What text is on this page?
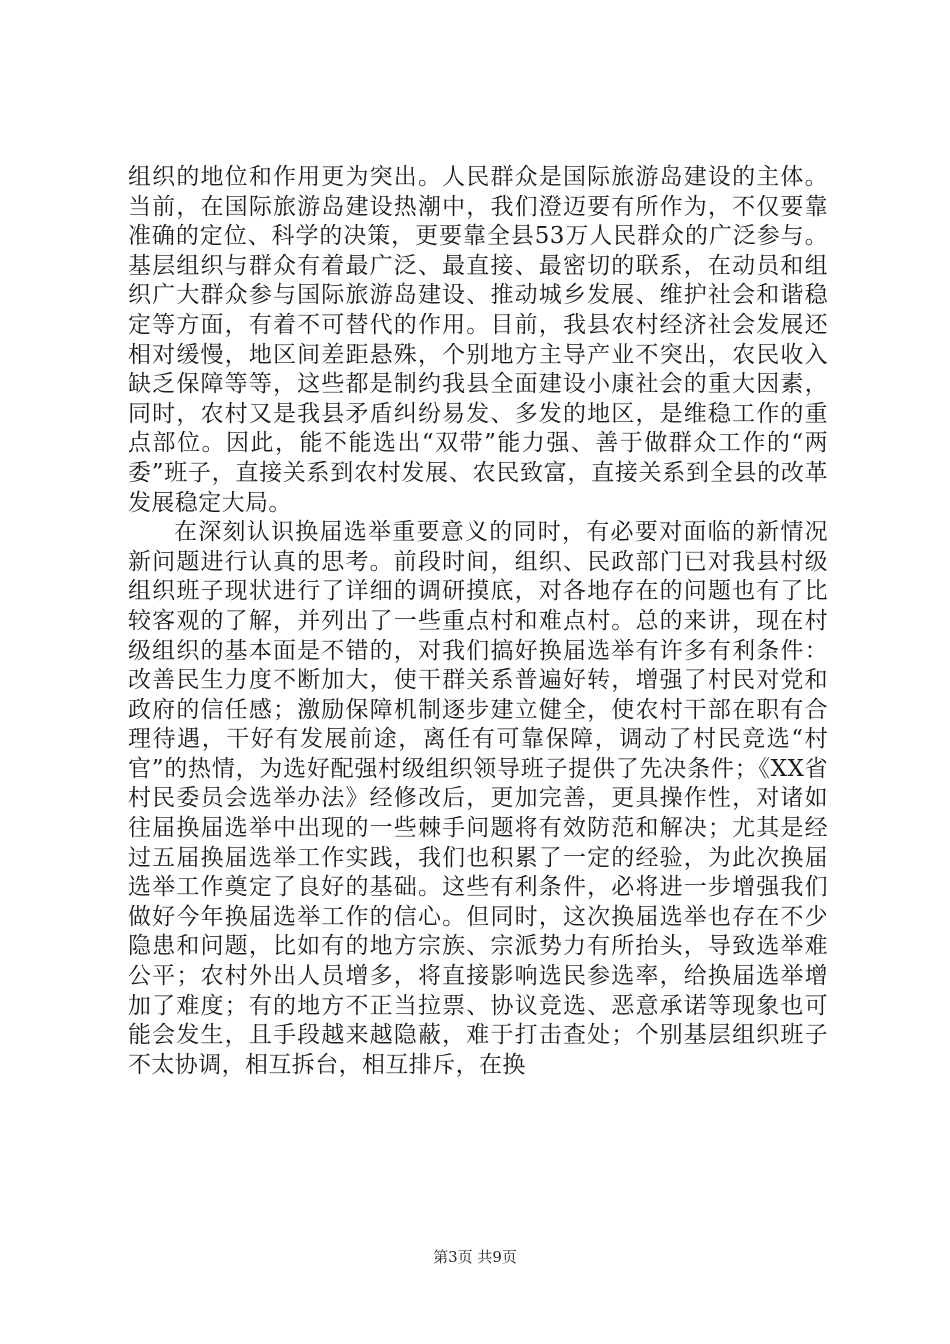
组织的地位和作用更为突出。人民群众是国际旅游岛建设的主体。当前，在国际旅游岛建设热潮中，我们澄迈要有所作为，不仅要靠准确的定位、科学的决策，更要靠全县53万人民群众的广泛参与。基层组织与群众有着最广泛、最直接、最密切的联系，在动员和组织广大群众参与国际旅游岛建设、推动城乡发展、维护社会和谐稳定等方面，有着不可替代的作用。目前，我县农村经济社会发展还相对缓慢，地区间差距悬殊，个别地方主导产业不突出，农民收入缺乏保障等等，这些都是制约我县全面建设小康社会的重大因素，同时，农村又是我县矛盾纠纷易发、多发的地区，是维稳工作的重点部位。因此，能不能选出“双带”能力强、善于做群众工作的“两委”班子，直接关系到农村发展、农民致富，直接关系到全县的改革发展稳定大局。

在深刻认识换届选举重要意义的同时，有必要对面临的新情况新问题进行认真的思考。前段时间，组织、民政部门已对我县村级组织班子现状进行了详细的调研摸底，对各地存在的问题也有了比较客观的了解，并列出了一些重点村和难点村。总的来讲，现在村级组织的基本面是不错的，对我们搞好换届选举有许多有利条件：改善民生力度不断加大，使干群关系普遍好转，增强了村民对党和政府的信任感；激励保障机制逐步建立健全，使农村干部在职有合理待遇，干好有发展前途，离任有可靠保障，调动了村民竞选“村官”的热情，为选好配强村级组织领导班子提供了先决条件；《XX省村民委员会选举办法》经修改后，更加完善，更具操作性，对诸如往届换届选举中出现的一些棘手问题将有效防范和解决；尤其是经过五届换届选举工作实践，我们也积累了一定的经验，为此次换届选举工作奠定了良好的基础。这些有利条件，必将进一步增强我们做好今年换届选举工作的信心。但同时，这次换届选举也存在不少隐患和问题，比如有的地方宗族、宗派势力有所抬头，导致选举难公平；农村外出人员增多，将直接影响选民参选率，给换届选举增加了难度；有的地方不正当拉票、协议竞选、恶意承诺等现象也可能会发生，且手段越来越隐蔽，难于打击查处；个别基层组织班子不太协调，相互拆台，相互排斥，在换

第3页 共9页
